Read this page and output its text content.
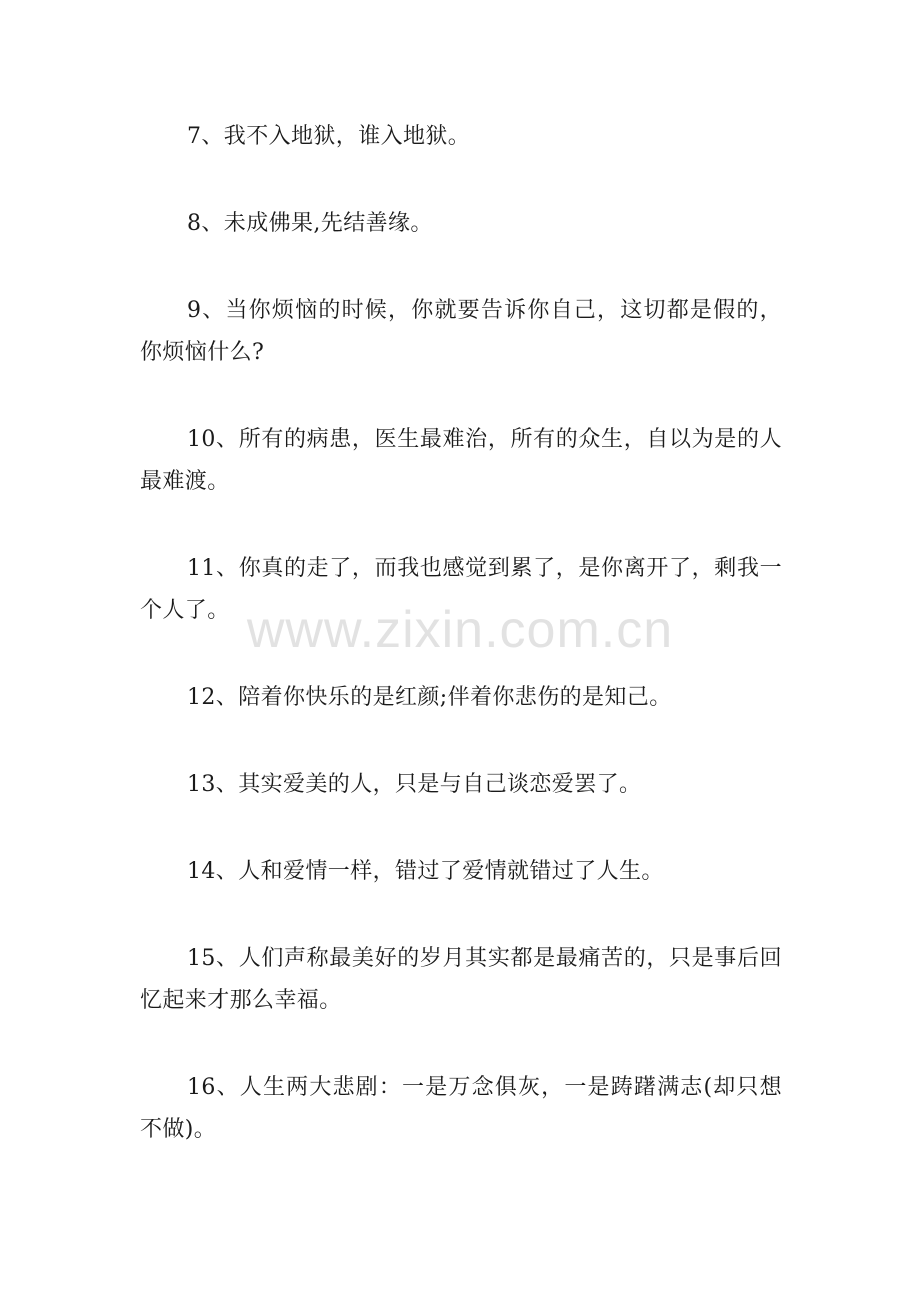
7、我不入地狱，谁入地狱。

8、未成佛果,先结善缘。

9、当你烦恼的时候，你就要告诉你自己，这切都是假的，你烦恼什么?

10、所有的病患，医生最难治，所有的众生，自以为是的人最难渡。

11、你真的走了，而我也感觉到累了，是你离开了，剩我一个人了。

12、陪着你快乐的是红颜;伴着你悲伤的是知己。

13、其实爱美的人，只是与自己谈恋爱罢了。

14、人和爱情一样，错过了爱情就错过了人生。

15、人们声称最美好的岁月其实都是最痛苦的，只是事后回忆起来才那么幸福。

16、人生两大悲剧：一是万念俱灰，一是踌躇满志(却只想不做)。

www.zixin.com.cn
